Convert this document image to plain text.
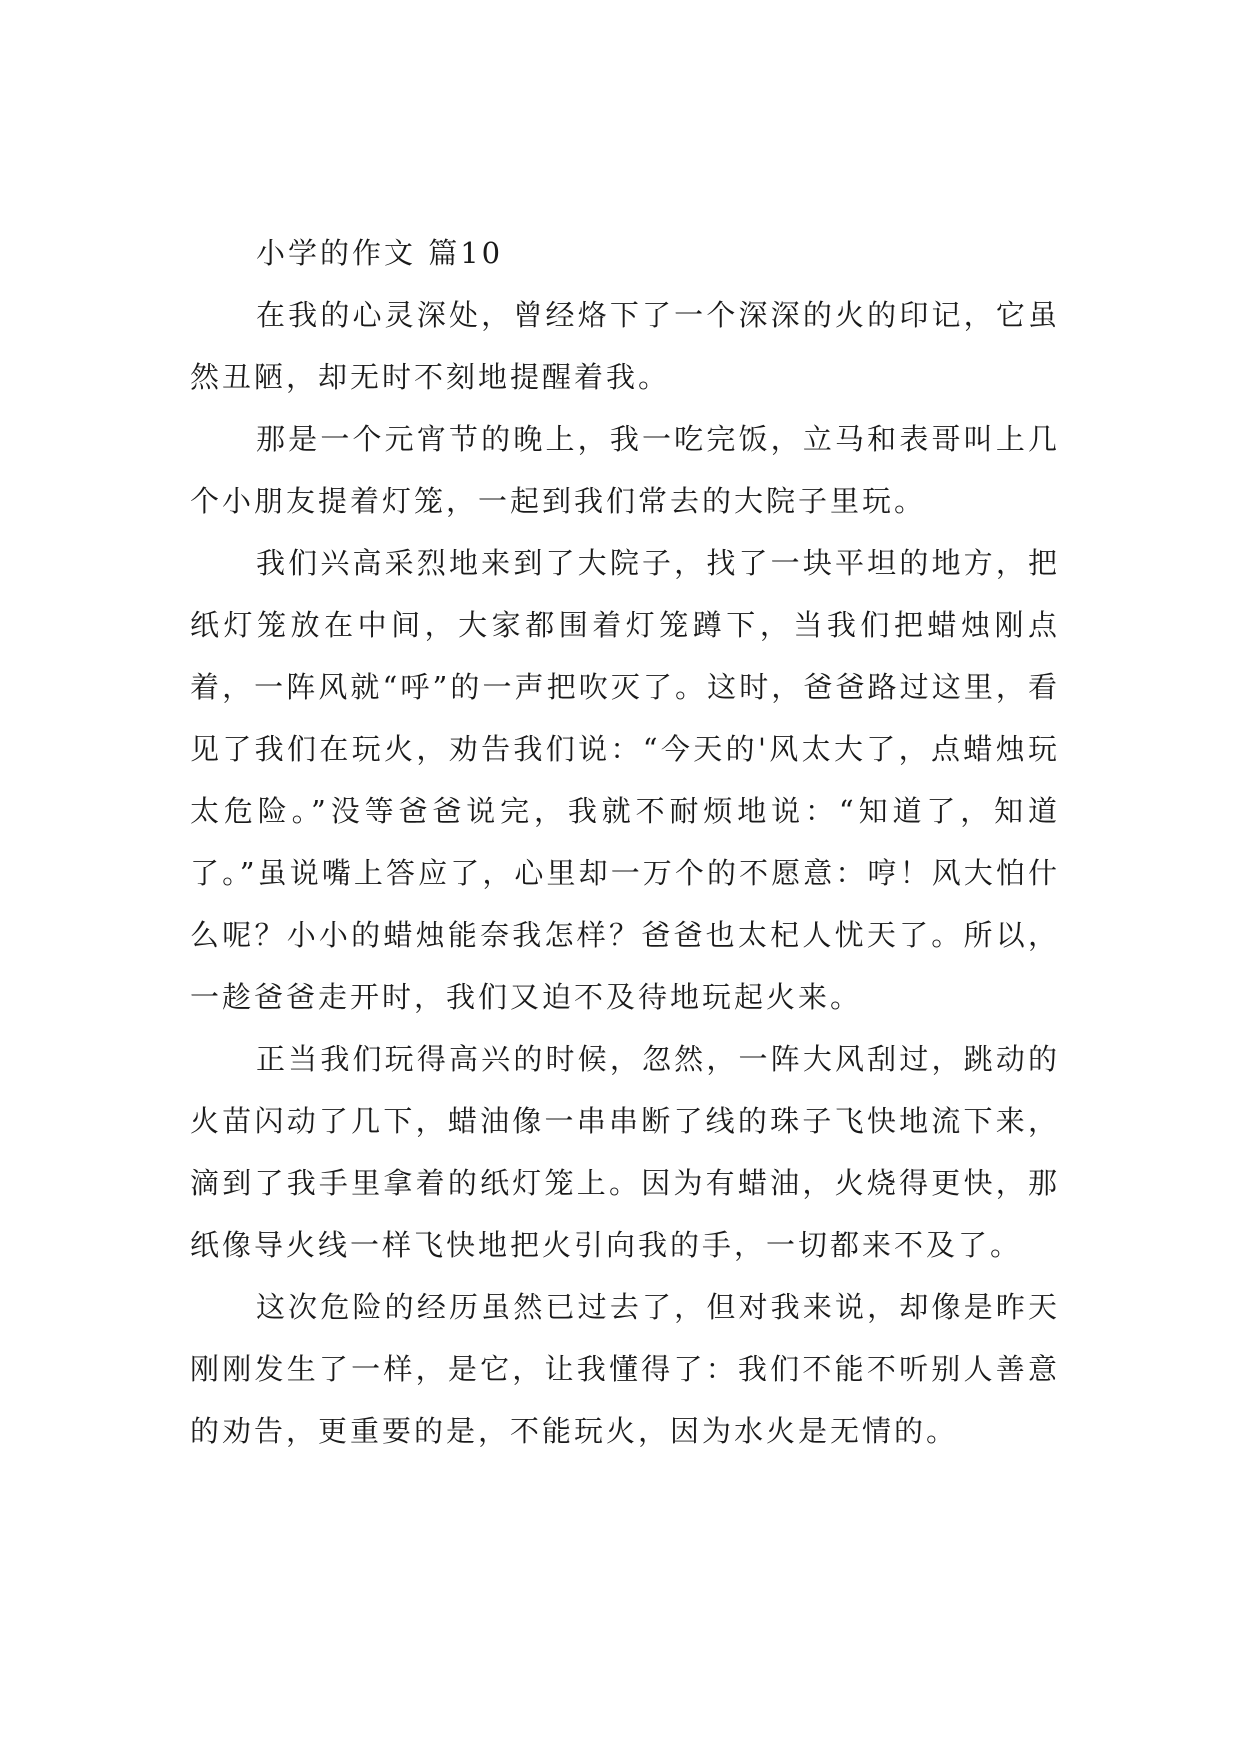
小学的作文 篇10

在我的心灵深处，曾经烙下了一个深深的火的印记，它虽然丑陋，却无时不刻地提醒着我。

那是一个元宵节的晚上，我一吃完饭，立马和表哥叫上几个小朋友提着灯笼，一起到我们常去的大院子里玩。

我们兴高采烈地来到了大院子，找了一块平坦的地方，把纸灯笼放在中间，大家都围着灯笼蹲下，当我们把蜡烛刚点着，一阵风就“呼”的一声把吹灭了。这时，爸爸路过这里，看见了我们在玩火，劝告我们说：“今天的'风太大了，点蜡烛玩太危险。”没等爸爸说完，我就不耐烦地说：“知道了，知道了。”虽说嘴上答应了，心里却一万个的不愿意：哼！风大怕什么呢？小小的蜡烛能奈我怎样？爸爸也太杞人忧天了。所以，一趁爸爸走开时，我们又迫不及待地玩起火来。

正当我们玩得高兴的时候，忽然，一阵大风刮过，跳动的火苗闪动了几下，蜡油像一串串断了线的珠子飞快地流下来，滴到了我手里拿着的纸灯笼上。因为有蜡油，火烧得更快，那纸像导火线一样飞快地把火引向我的手，一切都来不及了。

这次危险的经历虽然已过去了，但对我来说，却像是昨天刚刚发生了一样，是它，让我懂得了：我们不能不听别人善意的劝告，更重要的是，不能玩火，因为水火是无情的。
